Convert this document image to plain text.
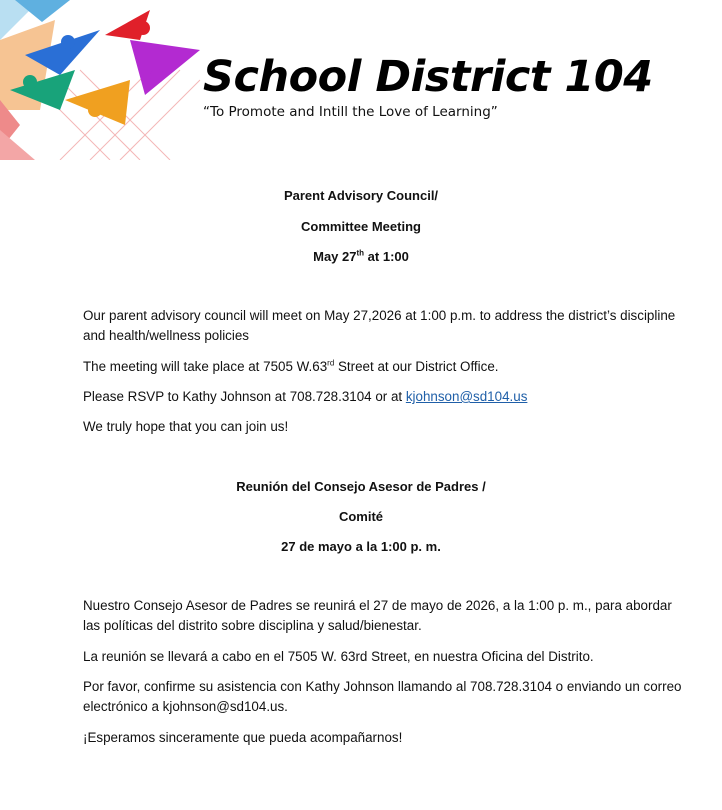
School District 104
“To Promote and Intill the Love of Learning”
Parent Advisory Council/
Committee Meeting
May 27th at 1:00
Our parent advisory council will meet on May 27,2026 at 1:00 p.m. to address the district’s discipline and health/wellness policies
The meeting will take place at 7505 W.63rd Street at our District Office.
Please RSVP to Kathy Johnson at 708.728.3104 or at kjohnson@sd104.us
We truly hope that you can join us!
Reunión del Consejo Asesor de Padres /
Comité
27 de mayo a la 1:00 p. m.
Nuestro Consejo Asesor de Padres se reunirá el 27 de mayo de 2026, a la 1:00 p. m., para abordar las políticas del distrito sobre disciplina y salud/bienestar.
La reunión se llevará a cabo en el 7505 W. 63rd Street, en nuestra Oficina del Distrito.
Por favor, confirme su asistencia con Kathy Johnson llamando al 708.728.3104 o enviando un correo electrónico a kjohnson@sd104.us.
¡Esperamos sinceramente que pueda acompañarnos!
